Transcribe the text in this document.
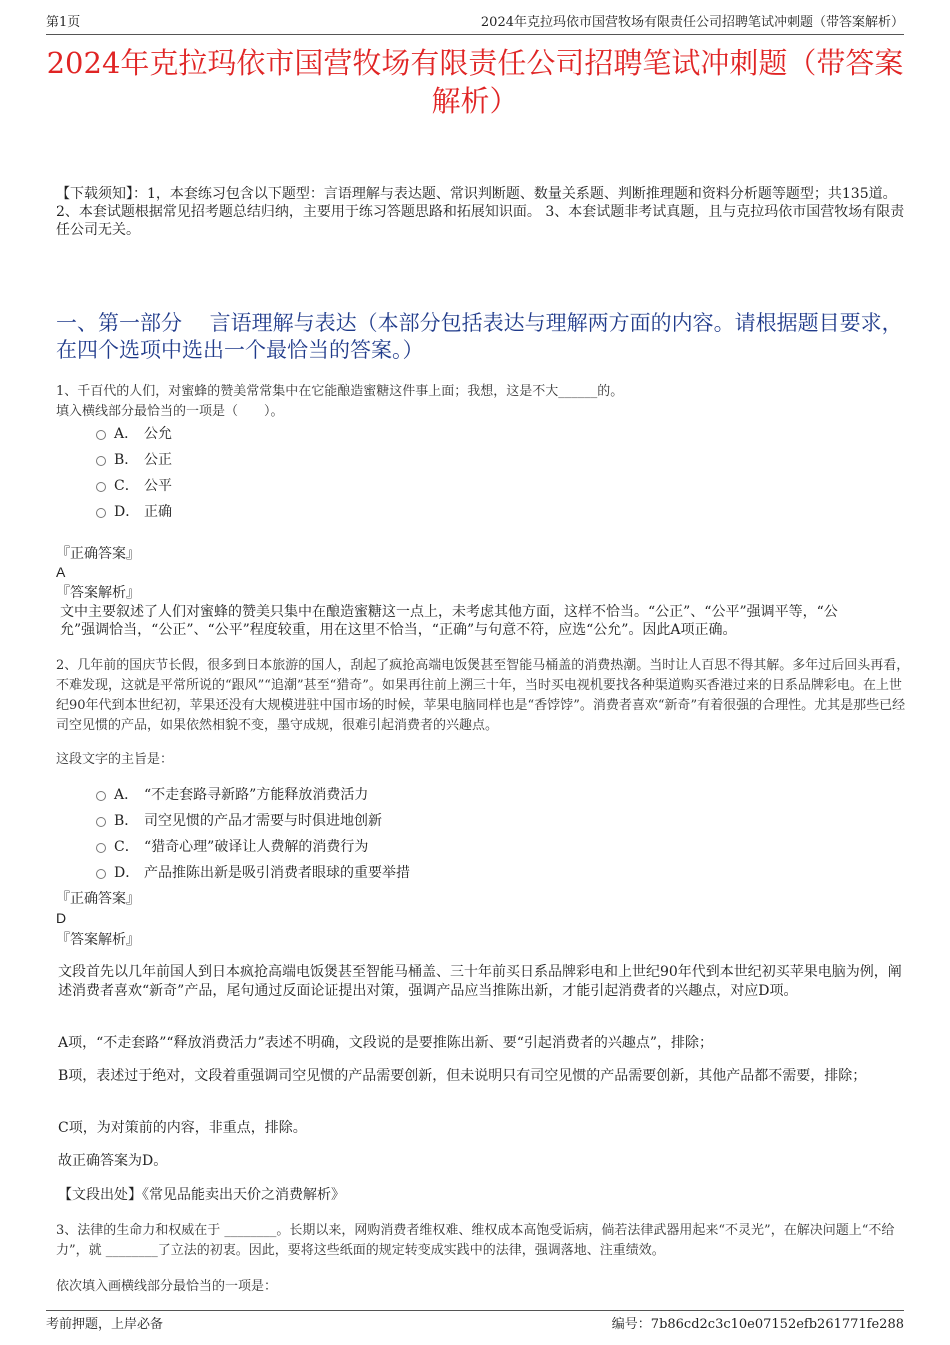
第1页	2024年克拉玛依市国营牧场有限责任公司招聘笔试冲刺题（带答案解析）
2024年克拉玛依市国营牧场有限责任公司招聘笔试冲刺题（带答案解析）
【下载须知】：1，本套练习包含以下题型：言语理解与表达题、常识判断题、数量关系题、判断推理题和资料分析题等题型；共135道。 2、本套试题根据常见招考题总结归纳，主要用于练习答题思路和拓展知识面。 3、本套试题非考试真题，且与克拉玛依市国营牧场有限责任公司无关。
一、第一部分　 言语理解与表达（本部分包括表达与理解两方面的内容。请根据题目要求，在四个选项中选出一个最恰当的答案。）
1、千百代的人们，对蜜蜂的赞美常常集中在它能酿造蜜糖这件事上面；我想，这是不大______的。
填入横线部分最恰当的一项是（　　）。
A． 公允
B． 公正
C． 公平
D． 正确
『正确答案』
A
『答案解析』
文中主要叙述了人们对蜜蜂的赞美只集中在酿造蜜糖这一点上，未考虑其他方面，这样不恰当。“公正”、“公平”强调平等，“公允”强调恰当，“公正”、“公平”程度较重，用在这里不恰当，“正确”与句意不符，应选“公允”。因此A项正确。
2、几年前的国庆节长假，很多到日本旅游的国人，刮起了疯抢高端电饭煲甚至智能马桶盖的消费热潮。当时让人百思不得其解。多年过后回头再看，不难发现，这就是平常所说的“跟风”“追潮”甚至“猎奇”。如果再往前上溯三十年，当时买电视机要找各种渠道购买香港过来的日系品牌彩电。在上世纪90年代到本世纪初，苹果还没有大规模进驻中国市场的时候，苹果电脑同样也是“香饽饽”。消费者喜欢“新奇”有着很强的合理性。尤其是那些已经司空见惯的产品，如果依然相貌不变，墨守成规，很难引起消费者的兴趣点。
这段文字的主旨是：
A． “不走套路寻新路”方能释放消费活力
B． 司空见惯的产品才需要与时俱进地创新
C． “猎奇心理”破译让人费解的消费行为
D． 产品推陈出新是吸引消费者眼球的重要举措
『正确答案』
D
『答案解析』
文段首先以几年前国人到日本疯抢高端电饭煲甚至智能马桶盖、三十年前买日系品牌彩电和上世纪90年代到本世纪初买苹果电脑为例，阐述消费者喜欢“新奇”产品，尾句通过反面论证提出对策，强调产品应当推陈出新，才能引起消费者的兴趣点，对应D项。
A项，“不走套路”“释放消费活力”表述不明确，文段说的是要推陈出新、要“引起消费者的兴趣点”，排除；
B项，表述过于绝对，文段着重强调司空见惯的产品需要创新，但未说明只有司空见惯的产品需要创新，其他产品都不需要，排除；
C项，为对策前的内容，非重点，排除。
故正确答案为D。
【文段出处】《常见品能卖出天价之消费解析》
3、法律的生命力和权威在于 ________。长期以来，网购消费者维权难、维权成本高饱受诟病，倘若法律武器用起来“不灵光”，在解决问题上“不给力”，就 ________了立法的初衷。因此，要将这些纸面的规定转变成实践中的法律，强调落地、注重绩效。
依次填入画横线部分最恰当的一项是：
考前押题，上岸必备	编号：7b86cd2c3c10e07152efb261771fe288
